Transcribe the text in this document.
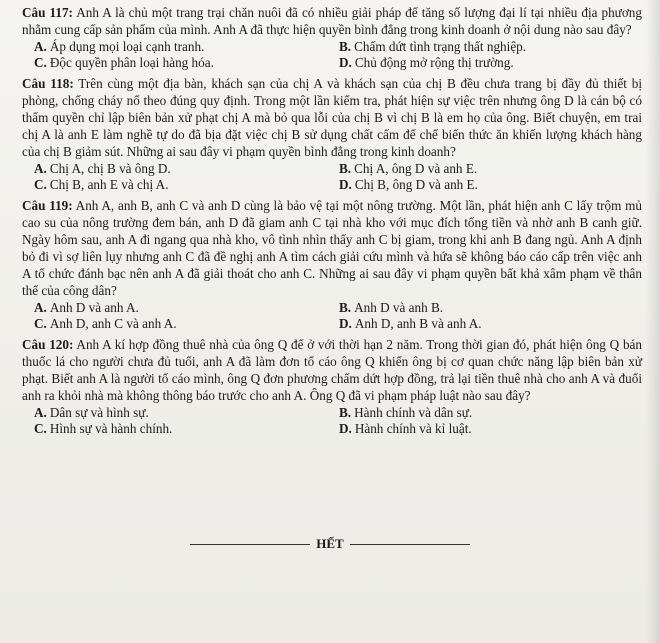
Câu 117: Anh A là chủ một trang trại chăn nuôi đã có nhiều giải pháp để tăng số lượng đại lí tại nhiều địa phương nhằm cung cấp sản phẩm của mình. Anh A đã thực hiện quyền bình đẳng trong kinh doanh ở nội dung nào sau đây?

A. Áp dụng mọi loại cạnh tranh.	B. Chấm dứt tình trạng thất nghiệp.
C. Độc quyền phân loại hàng hóa.	D. Chủ động mở rộng thị trường.

Câu 118: Trên cùng một địa bàn, khách sạn của chị A và khách sạn của chị B đều chưa trang bị đầy đủ thiết bị phòng, chống cháy nổ theo đúng quy định. Trong một lần kiểm tra, phát hiện sự việc trên nhưng ông D là cán bộ có thẩm quyền chỉ lập biên bản xử phạt chị A mà bỏ qua lỗi của chị B vì chị B là em họ của ông. Biết chuyện, em trai chị A là anh E làm nghề tự do đã bịa đặt việc chị B sử dụng chất cấm để chế biến thức ăn khiến lượng khách hàng của chị B giảm sút. Những ai sau đây vi phạm quyền bình đẳng trong kinh doanh?

A. Chị A, chị B và ông D.	B. Chị A, ông D và anh E.
C. Chị B, anh E và chị A.	D. Chị B, ông D và anh E.

Câu 119: Anh A, anh B, anh C và anh D cùng là bảo vệ tại một nông trường. Một lần, phát hiện anh C lấy trộm mủ cao su của nông trường đem bán, anh D đã giam anh C tại nhà kho với mục đích tống tiền và nhờ anh B canh giữ. Ngày hôm sau, anh A đi ngang qua nhà kho, vô tình nhìn thấy anh C bị giam, trong khi anh B đang ngủ. Anh A định bỏ đi vì sợ liên lụy nhưng anh C đã đề nghị anh A tìm cách giải cứu mình và hứa sẽ không báo cáo cấp trên việc anh A tổ chức đánh bạc nên anh A đã giải thoát cho anh C. Những ai sau đây vi phạm quyền bất khả xâm phạm về thân thể của công dân?

A. Anh D và anh A.	B. Anh D và anh B.
C. Anh D, anh C và anh A.	D. Anh D, anh B và anh A.

Câu 120: Anh A kí hợp đồng thuê nhà của ông Q để ở với thời hạn 2 năm. Trong thời gian đó, phát hiện ông Q bán thuốc lá cho người chưa đủ tuổi, anh A đã làm đơn tố cáo ông Q khiến ông bị cơ quan chức năng lập biên bản xử phạt. Biết anh A là người tố cáo mình, ông Q đơn phương chấm dứt hợp đồng, trả lại tiền thuê nhà cho anh A và đuổi anh ra khỏi nhà mà không thông báo trước cho anh A. Ông Q đã vi phạm pháp luật nào sau đây?

A. Dân sự và hình sự.	B. Hành chính và dân sự.
C. Hình sự và hành chính.	D. Hành chính và kỉ luật.
HẾT
